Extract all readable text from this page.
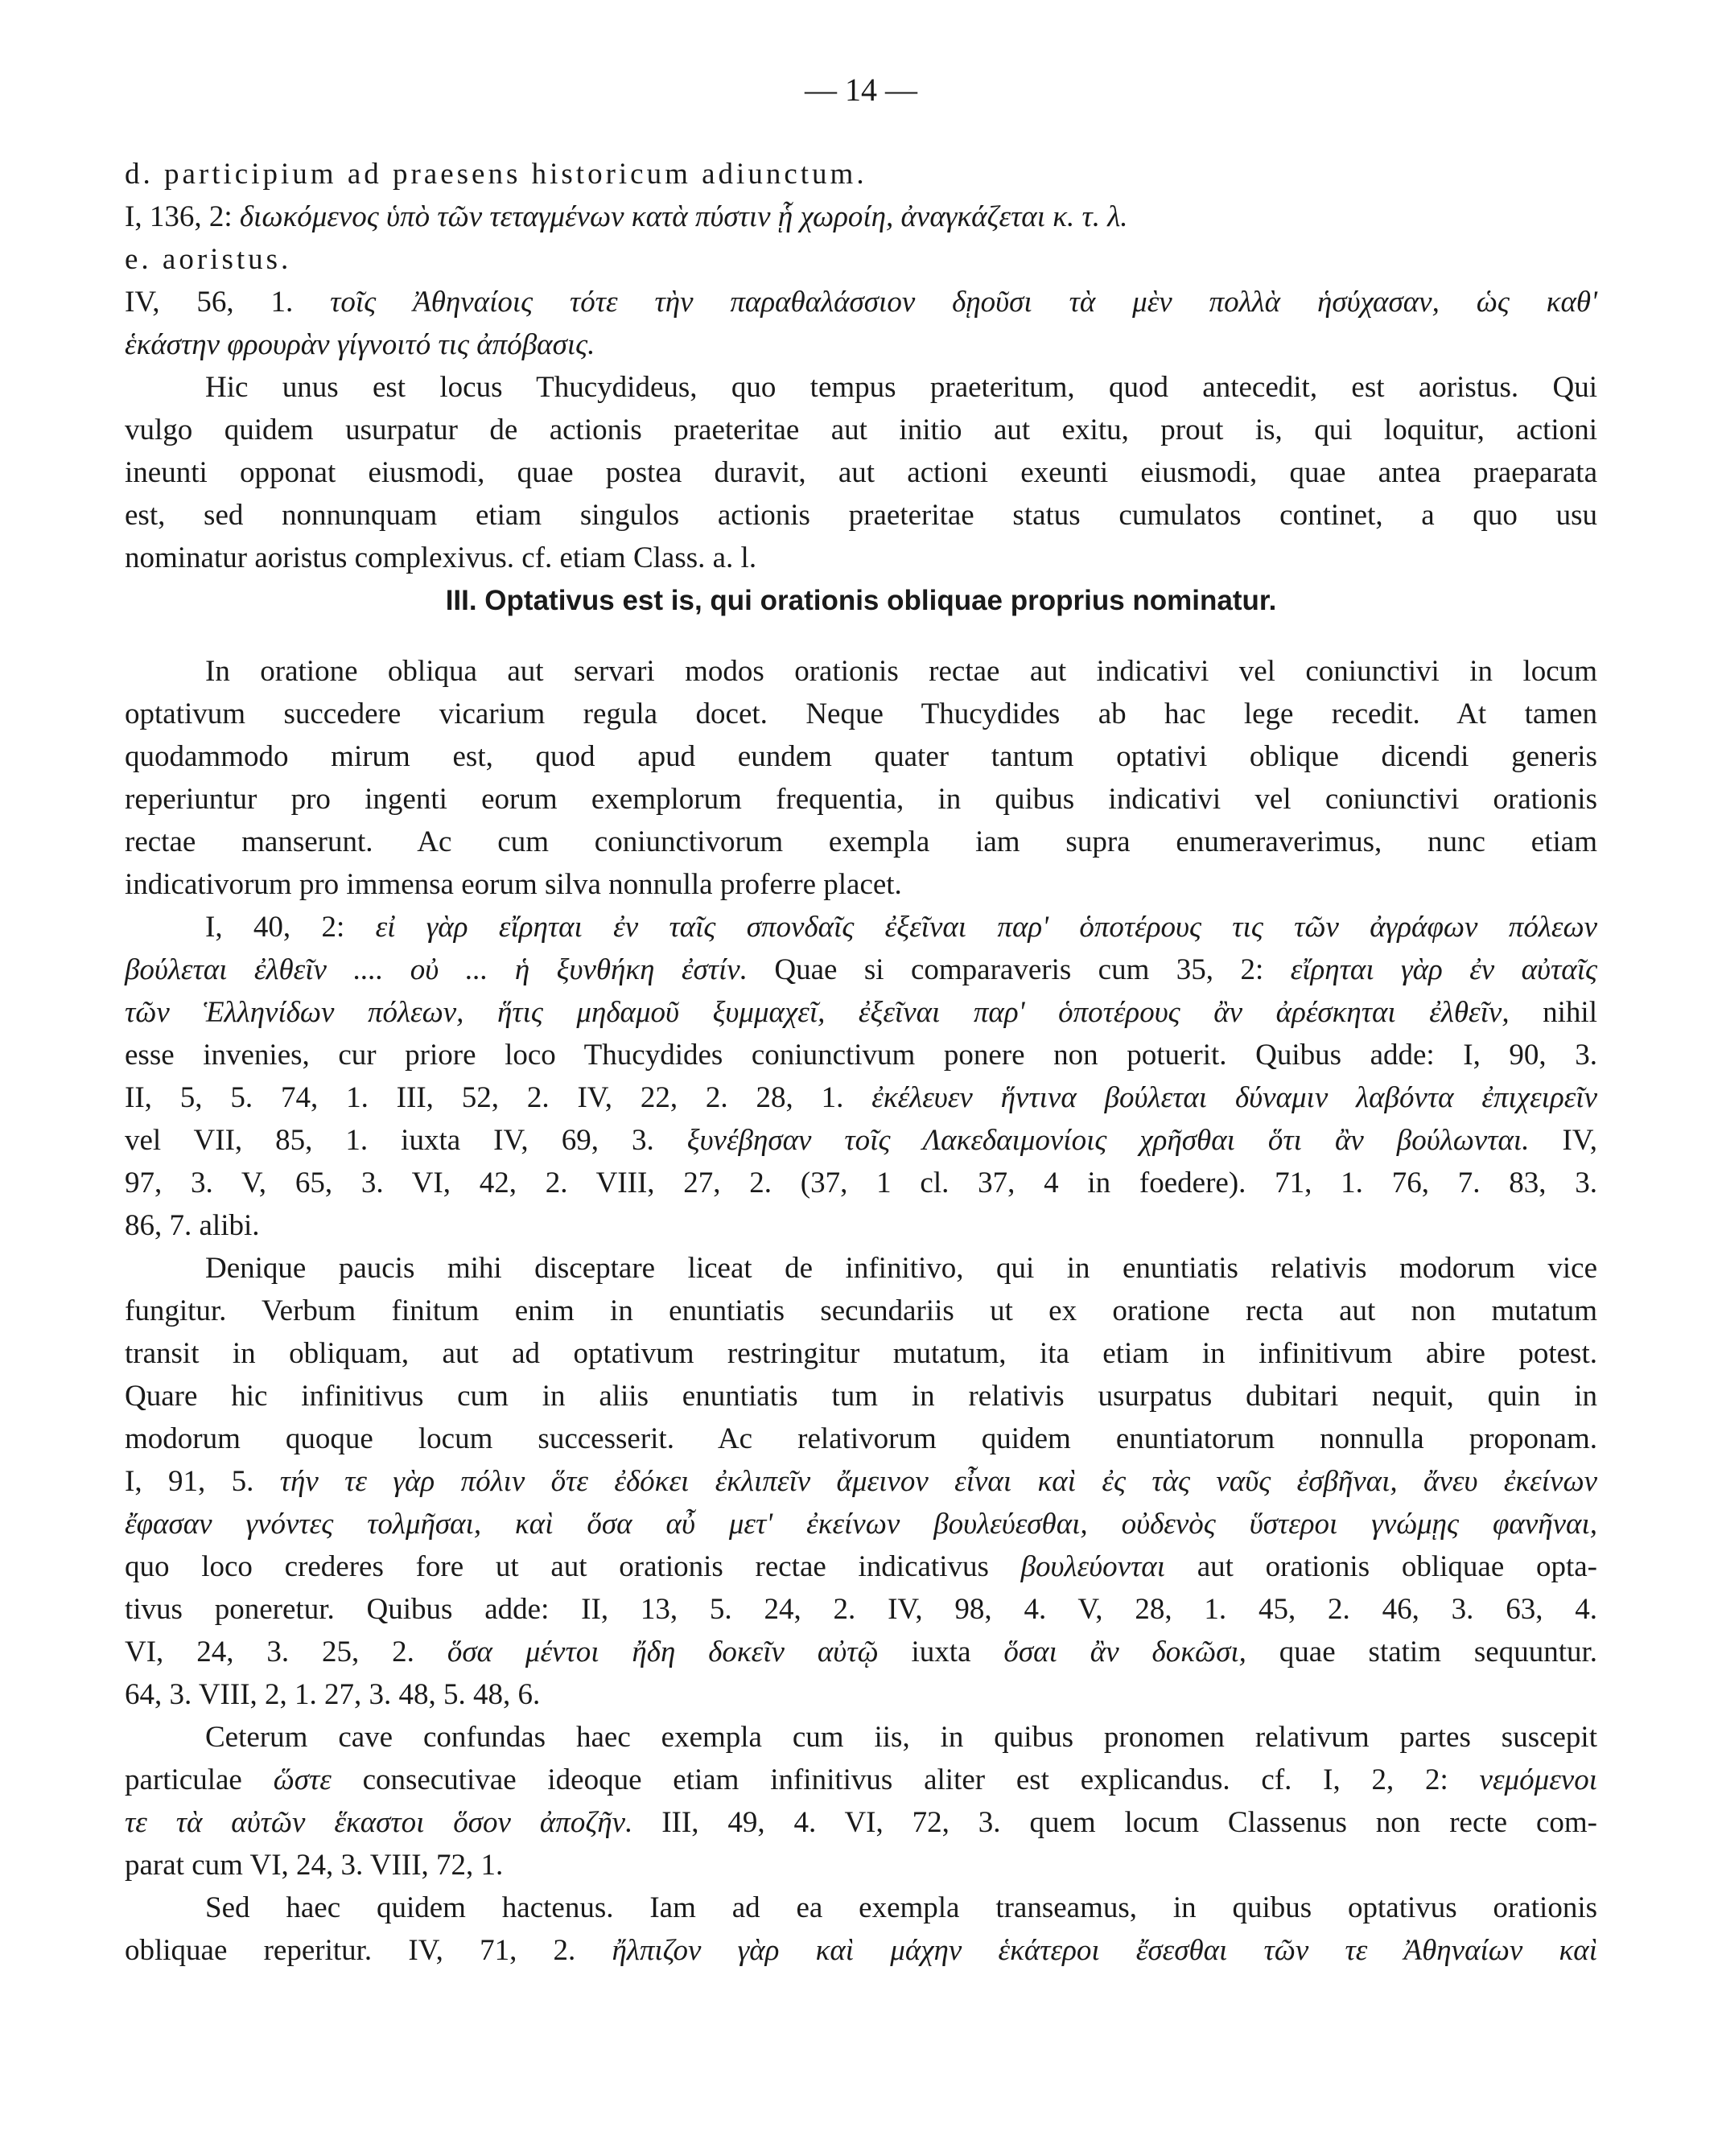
— 14 —

d. participium ad praesens historicum adiunctum.

I, 136, 2: διωκόμενος ὑπὸ τῶν τεταγμένων κατὰ πύστιν ᾗ χωροίη, ἀναγκάζεται κ. τ. λ.

e. aoristus.

IV, 56, 1. τοῖς Ἀθηναίοις τότε τὴν παραθαλάσσιον δῃοῦσι τὰ μὲν πολλὰ ἡσύχασαν, ὡς καθ'

ἑκάστην φρουρὰν γίγνοιτό τις ἀπόβασις.

Hic unus est locus Thucydideus, quo tempus praeteritum, quod antecedit, est aoristus. Qui

vulgo quidem usurpatur de actionis praeteritae aut initio aut exitu, prout is, qui loquitur, actioni

ineunti opponat eiusmodi, quae postea duravit, aut actioni exeunti eiusmodi, quae antea praeparata

est, sed nonnunquam etiam singulos actionis praeteritae status cumulatos continet, a quo usu

nominatur aoristus complexivus. cf. etiam Class. a. l.

III. Optativus est is, qui orationis obliquae proprius nominatur.

In oratione obliqua aut servari modos orationis rectae aut indicativi vel coniunctivi in locum

optativum succedere vicarium regula docet. Neque Thucydides ab hac lege recedit. At tamen

quodammodo mirum est, quod apud eundem quater tantum optativi oblique dicendi generis

reperiuntur pro ingenti eorum exemplorum frequentia, in quibus indicativi vel coniunctivi orationis

rectae manserunt. Ac cum coniunctivorum exempla iam supra enumeraverimus, nunc etiam

indicativorum pro immensa eorum silva nonnulla proferre placet.

I, 40, 2: εἰ γὰρ εἴρηται ἐν ταῖς σπονδαῖς ἐξεῖναι παρ' ὁποτέρους τις τῶν ἀγράφων πόλεων

βούλεται ἐλθεῖν .... οὐ ... ἡ ξυνθήκη ἐστίν. Quae si comparaveris cum 35, 2: εἴρηται γὰρ ἐν αὐταῖς

τῶν Ἑλληνίδων πόλεων, ἥτις μηδαμοῦ ξυμμαχεῖ, ἐξεῖναι παρ' ὁποτέρους ἂν ἀρέσκηται ἐλθεῖν, nihil

esse invenies, cur priore loco Thucydides coniunctivum ponere non potuerit. Quibus adde: I, 90, 3.

II, 5, 5. 74, 1. III, 52, 2. IV, 22, 2. 28, 1. ἐκέλευεν ἥντινα βούλεται δύναμιν λαβόντα ἐπιχειρεῖν

vel VII, 85, 1. iuxta IV, 69, 3. ξυνέβησαν τοῖς Λακεδαιμονίοις χρῆσθαι ὅτι ἂν βούλωνται. IV,

97, 3. V, 65, 3. VI, 42, 2. VIII, 27, 2. (37, 1 cl. 37, 4 in foedere). 71, 1. 76, 7. 83, 3.

86, 7. alibi.

Denique paucis mihi disceptare liceat de infinitivo, qui in enuntiatis relativis modorum vice

fungitur. Verbum finitum enim in enuntiatis secundariis ut ex oratione recta aut non mutatum

transit in obliquam, aut ad optativum restringitur mutatum, ita etiam in infinitivum abire potest.

Quare hic infinitivus cum in aliis enuntiatis tum in relativis usurpatus dubitari nequit, quin in

modorum quoque locum successerit. Ac relativorum quidem enuntiatorum nonnulla proponam.

I, 91, 5. τήν τε γὰρ πόλιν ὅτε ἐδόκει ἐκλιπεῖν ἄμεινον εἶναι καὶ ἐς τὰς ναῦς ἐσβῆναι, ἄνευ ἐκείνων

ἔφασαν γνόντες τολμῆσαι, καὶ ὅσα αὖ μετ' ἐκείνων βουλεύεσθαι, οὐδενὸς ὕστεροι γνώμῃς φανῆναι,

quo loco crederes fore ut aut orationis rectae indicativus βουλεύονται aut orationis obliquae opta-

tivus poneretur. Quibus adde: II, 13, 5. 24, 2. IV, 98, 4. V, 28, 1. 45, 2. 46, 3. 63, 4.

VI, 24, 3. 25, 2. ὅσα μέντοι ἤδη δοκεῖν αὐτῷ iuxta ὅσαι ἂν δοκῶσι, quae statim sequuntur.

64, 3. VIII, 2, 1. 27, 3. 48, 5. 48, 6.

Ceterum cave confundas haec exempla cum iis, in quibus pronomen relativum partes suscepit

particulae ὥστε consecutivae ideoque etiam infinitivus aliter est explicandus. cf. I, 2, 2: νεμόμενοι

τε τὰ αὐτῶν ἕκαστοι ὅσον ἀποζῆν. III, 49, 4. VI, 72, 3. quem locum Classenus non recte com-

parat cum VI, 24, 3. VIII, 72, 1.

Sed haec quidem hactenus. Iam ad ea exempla transeamus, in quibus optativus orationis

obliquae reperitur. IV, 71, 2. ἤλπιζον γὰρ καὶ μάχην ἑκάτεροι ἔσεσθαι τῶν τε Ἀθηναίων καὶ
